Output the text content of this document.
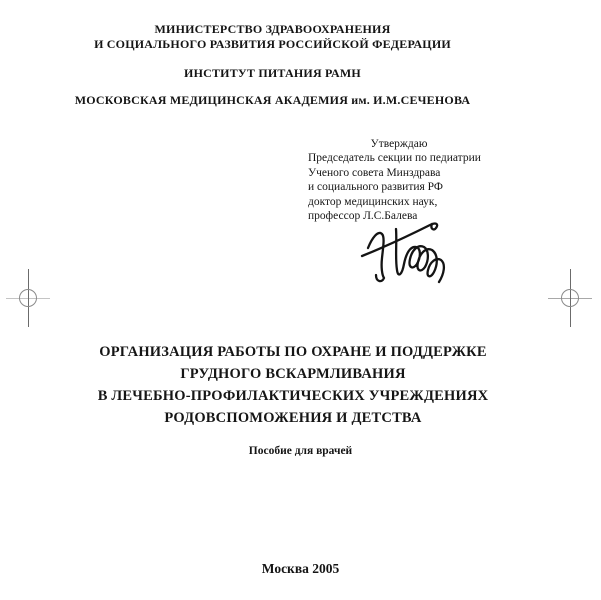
МИНИСТЕРСТВО ЗДРАВООХРАНЕНИЯ
И СОЦИАЛЬНОГО РАЗВИТИЯ РОССИЙСКОЙ ФЕДЕРАЦИИ
ИНСТИТУТ ПИТАНИЯ РАМН
МОСКОВСКАЯ МЕДИЦИНСКАЯ АКАДЕМИЯ им. И.М.СЕЧЕНОВА
Утверждаю
Председатель секции по педиатрии
Ученого совета Минздрава
и социального развития РФ
доктор медицинских наук,
профессор Л.С.Балева
ОРГАНИЗАЦИЯ РАБОТЫ ПО ОХРАНЕ И ПОДДЕРЖКЕ
ГРУДНОГО ВСКАРМЛИВАНИЯ
В ЛЕЧЕБНО-ПРОФИЛАКТИЧЕСКИХ УЧРЕЖДЕНИЯХ
РОДОВСПОМОЖЕНИЯ И ДЕТСТВА
Пособие для врачей
Москва 2005
